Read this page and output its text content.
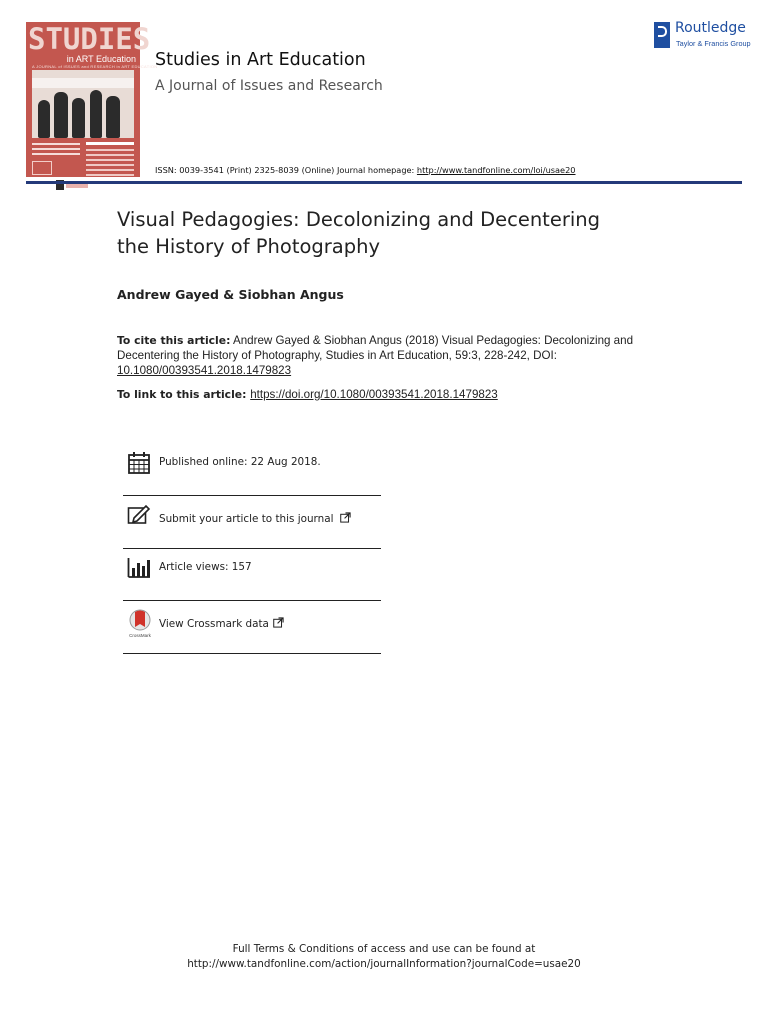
STUDIES
in ART Education
A JOURNAL of ISSUES and RESEARCH in ART EDUCATION
Studies in Art Education
A Journal of Issues and Research
ISSN: 0039-3541 (Print) 2325-8039 (Online) Journal homepage: http://www.tandfonline.com/loi/usae20
Routledge
Taylor & Francis Group
Visual Pedagogies: Decolonizing and Decentering
the History of Photography
Andrew Gayed & Siobhan Angus
To cite this article: Andrew Gayed & Siobhan Angus (2018) Visual Pedagogies: Decolonizing and Decentering the History of Photography, Studies in Art Education, 59:3, 228-242, DOI: 10.1080/00393541.2018.1479823
To link to this article: https://doi.org/10.1080/00393541.2018.1479823
Published online: 22 Aug 2018.
Submit your article to this journal
Article views: 157
CrossMark
View Crossmark data
Full Terms & Conditions of access and use can be found at
http://www.tandfonline.com/action/journalInformation?journalCode=usae20
